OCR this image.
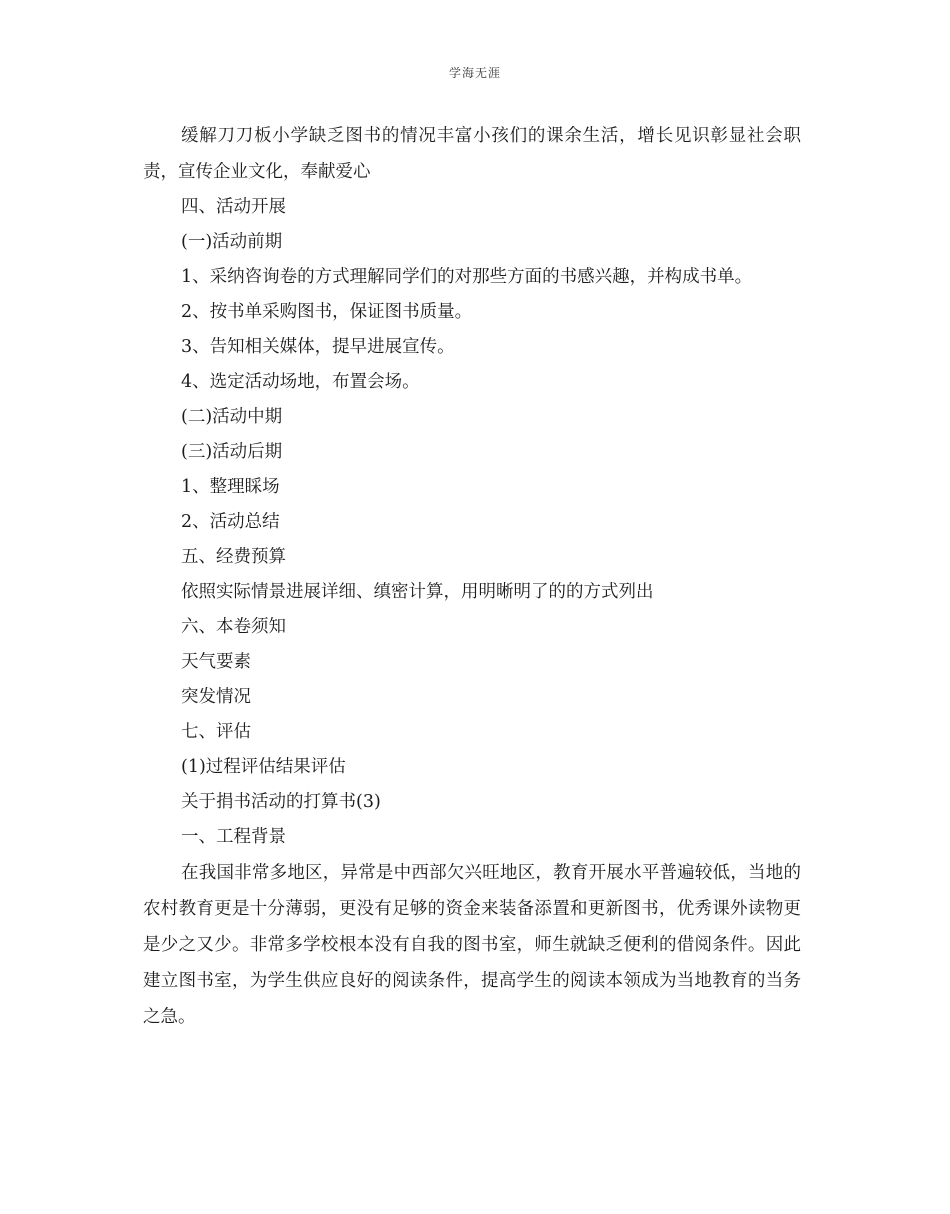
学海无涯

缓解刀刀板小学缺乏图书的情况丰富小孩们的课余生活，增长见识彰显社会职责，宣传企业文化，奉献爱心

四、活动开展

(一)活动前期

1、采纳咨询卷的方式理解同学们的对那些方面的书感兴趣，并构成书单。

2、按书单采购图书，保证图书质量。

3、告知相关媒体，提早进展宣传。

4、选定活动场地，布置会场。

(二)活动中期

(三)活动后期

1、整理睬场

2、活动总结

五、经费预算

依照实际情景进展详细、缜密计算，用明晰明了的的方式列出

六、本卷须知

天气要素

突发情况

七、评估

(1)过程评估结果评估

关于捐书活动的打算书(3)

一、工程背景

在我国非常多地区，异常是中西部欠兴旺地区，教育开展水平普遍较低，当地的农村教育更是十分薄弱，更没有足够的资金来装备添置和更新图书，优秀课外读物更是少之又少。非常多学校根本没有自我的图书室，师生就缺乏便利的借阅条件。因此建立图书室，为学生供应良好的阅读条件，提高学生的阅读本领成为当地教育的当务之急。
